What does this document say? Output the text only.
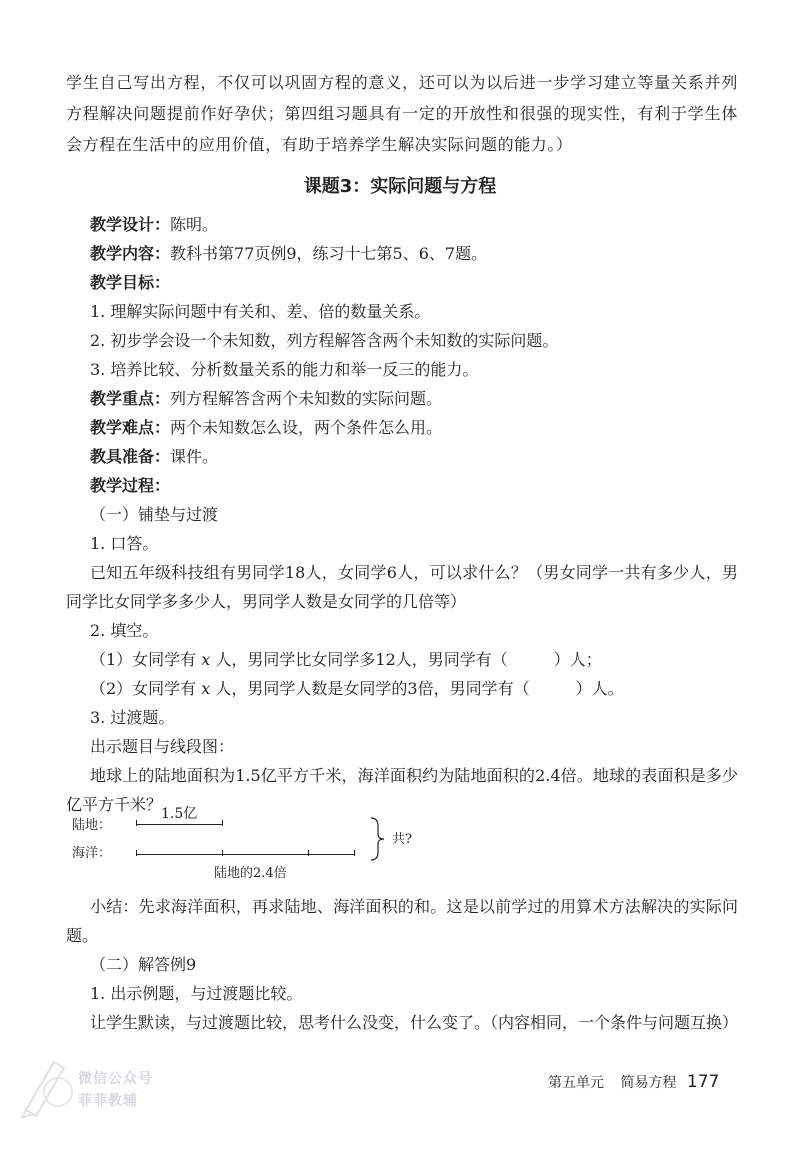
学生自己写出方程，不仅可以巩固方程的意义，还可以为以后进一步学习建立等量关系并列方程解决问题提前作好孕伏；第四组习题具有一定的开放性和很强的现实性，有利于学生体会方程在生活中的应用价值，有助于培养学生解决实际问题的能力。）

课题3：实际问题与方程

教学设计：陈明。

教学内容：教科书第77页例9，练习十七第5、6、7题。

教学目标：

1. 理解实际问题中有关和、差、倍的数量关系。

2. 初步学会设一个未知数，列方程解答含两个未知数的实际问题。

3. 培养比较、分析数量关系的能力和举一反三的能力。

教学重点：列方程解答含两个未知数的实际问题。

教学难点：两个未知数怎么设，两个条件怎么用。

教具准备：课件。

教学过程：

（一）铺垫与过渡

1. 口答。

已知五年级科技组有男同学18人，女同学6人，可以求什么？（男女同学一共有多少人，男同学比女同学多多少人，男同学人数是女同学的几倍等）

2. 填空。

（1）女同学有 x 人，男同学比女同学多12人，男同学有（	）人；

（2）女同学有 x 人，男同学人数是女同学的3倍，男同学有（	）人。

3. 过渡题。

出示题目与线段图：

地球上的陆地面积为1.5亿平方千米，海洋面积约为陆地面积的2.4倍。地球的表面积是多少亿平方千米？

陆地：
1.5亿
海洋：
陆地的2.4倍
共?

小结：先求海洋面积，再求陆地、海洋面积的和。这是以前学过的用算术方法解决的实际问题。

（二）解答例9

1. 出示例题，与过渡题比较。

让学生默读，与过渡题比较，思考什么没变，什么变了。（内容相同，一个条件与问题互换）

微信公众号
菲菲教辅
第五单元 简易方程 177
